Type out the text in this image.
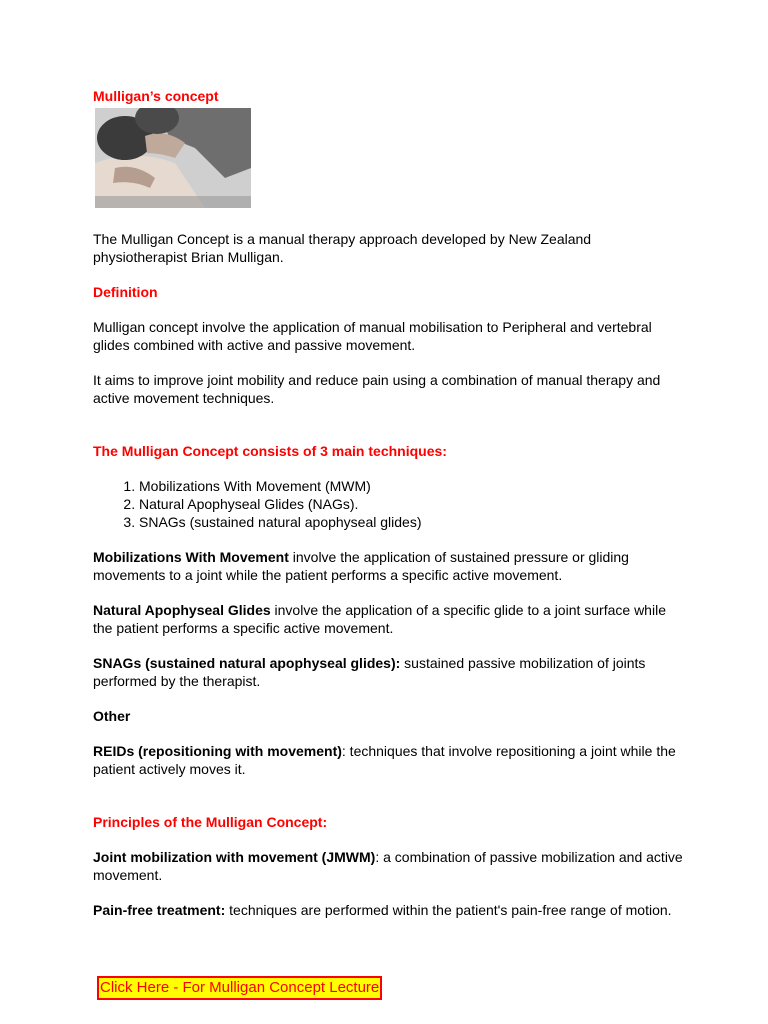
Mulligan’s concept

The Mulligan Concept is a manual therapy approach developed by New Zealand physiotherapist Brian Mulligan.

Definition

Mulligan concept involve the application of manual mobilisation to Peripheral and vertebral glides combined with active and passive movement.

It aims to improve joint mobility and reduce pain using a combination of manual therapy and active movement techniques.

The Mulligan Concept consists of 3 main techniques:
1. Mobilizations With Movement (MWM)
2. Natural Apophyseal Glides (NAGs).
3. SNAGs (sustained natural apophyseal glides)

Mobilizations With Movement involve the application of sustained pressure or gliding movements to a joint while the patient performs a specific active movement.

Natural Apophyseal Glides involve the application of a specific glide to a joint surface while the patient performs a specific active movement.

SNAGs (sustained natural apophyseal glides): sustained passive mobilization of joints performed by the therapist.

Other

REIDs (repositioning with movement): techniques that involve repositioning a joint while the patient actively moves it.

Principles of the Mulligan Concept:

Joint mobilization with movement (JMWM): a combination of passive mobilization and active movement.

Pain-free treatment: techniques are performed within the patient's pain-free range of motion.

Click Here - For Mulligan Concept Lecture
